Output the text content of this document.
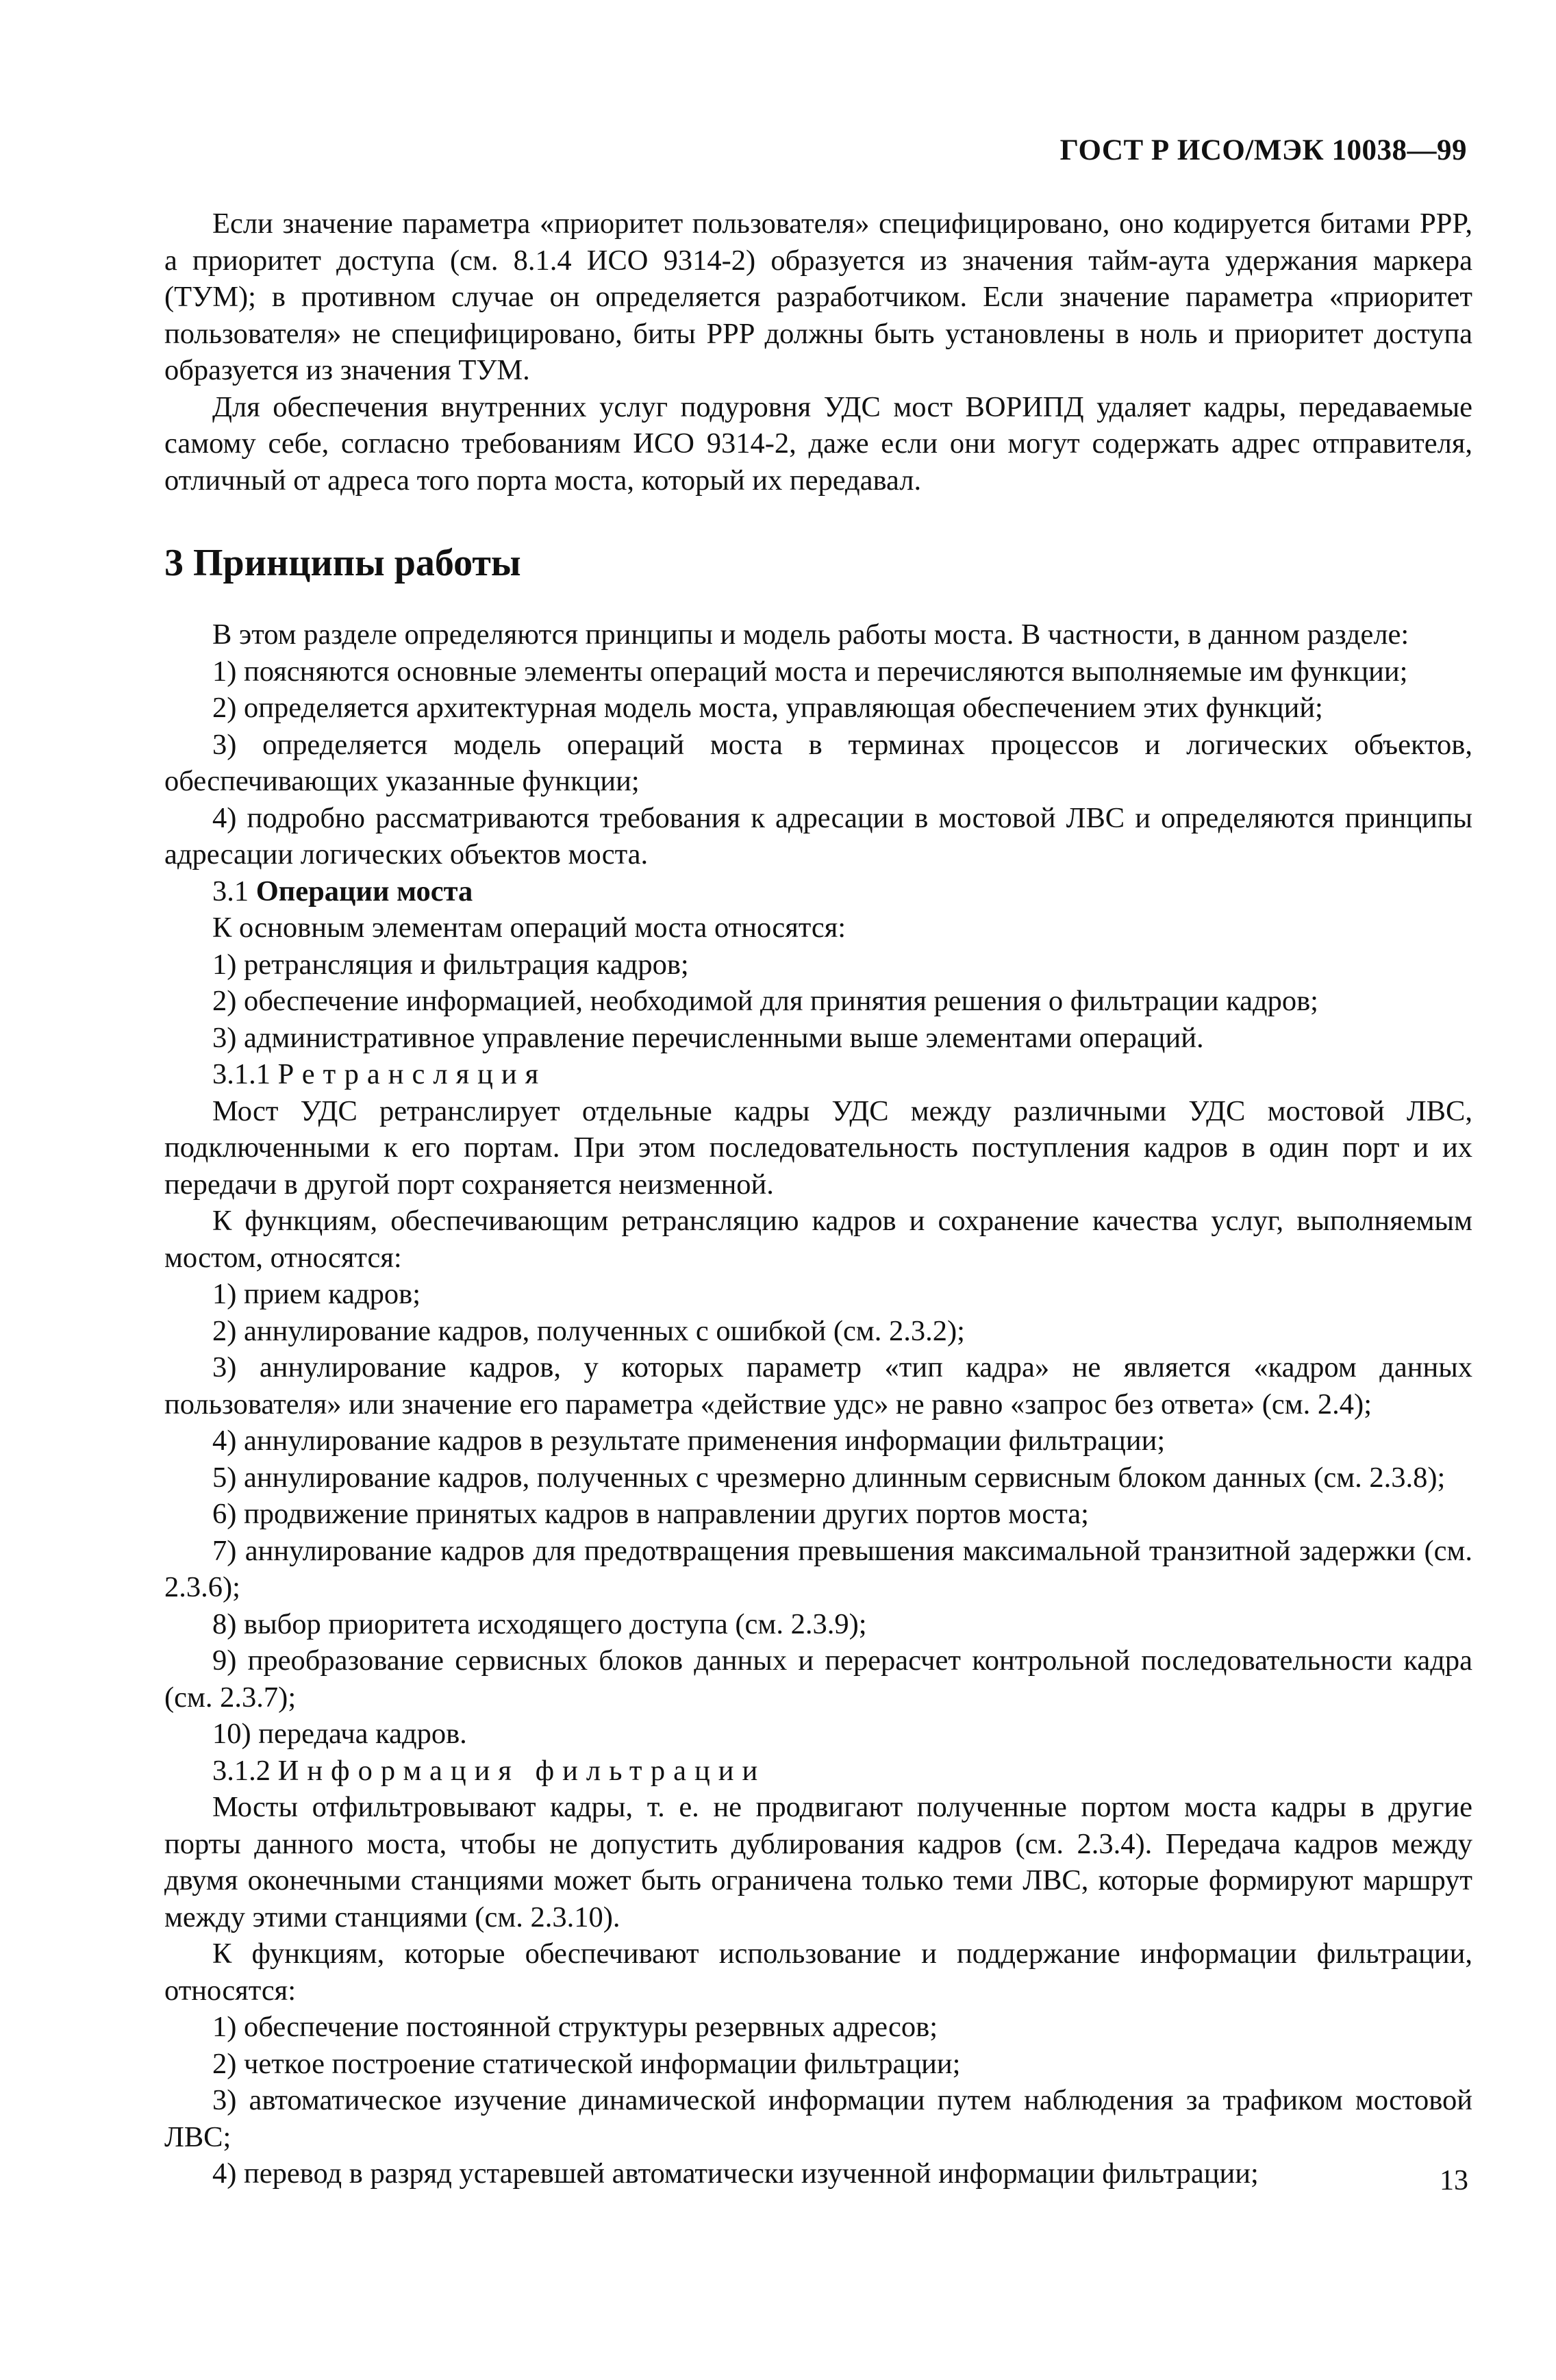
ГОСТ Р ИСО/МЭК 10038—99

Если значение параметра «приоритет пользователя» специфицировано, оно кодируется битами PPP, а приоритет доступа (см. 8.1.4 ИСО 9314-2) образуется из значения тайм-аута удержания маркера (ТУМ); в противном случае он определяется разработчиком. Если значение параметра «приоритет пользователя» не специфицировано, биты PPP должны быть установлены в ноль и приоритет доступа образуется из значения ТУМ.

Для обеспечения внутренних услуг подуровня УДС мост ВОРИПД удаляет кадры, передаваемые самому себе, согласно требованиям ИСО 9314-2, даже если они могут содержать адрес отправителя, отличный от адреса того порта моста, который их передавал.

3 Принципы работы

В этом разделе определяются принципы и модель работы моста. В частности, в данном разделе:

1) поясняются основные элементы операций моста и перечисляются выполняемые им функции;

2) определяется архитектурная модель моста, управляющая обеспечением этих функций;

3) определяется модель операций моста в терминах процессов и логических объектов, обеспечивающих указанные функции;

4) подробно рассматриваются требования к адресации в мостовой ЛВС и определяются принципы адресации логических объектов моста.

3.1 Операции моста

К основным элементам операций моста относятся:

1) ретрансляция и фильтрация кадров;

2) обеспечение информацией, необходимой для принятия решения о фильтрации кадров;

3) административное управление перечисленными выше элементами операций.

3.1.1 Ретрансляция

Мост УДС ретранслирует отдельные кадры УДС между различными УДС мостовой ЛВС, подключенными к его портам. При этом последовательность поступления кадров в один порт и их передачи в другой порт сохраняется неизменной.

К функциям, обеспечивающим ретрансляцию кадров и сохранение качества услуг, выполняемым мостом, относятся:

1) прием кадров;

2) аннулирование кадров, полученных с ошибкой (см. 2.3.2);

3) аннулирование кадров, у которых параметр «тип кадра» не является «кадром данных пользователя» или значение его параметра «действие удс» не равно «запрос без ответа» (см. 2.4);

4) аннулирование кадров в результате применения информации фильтрации;

5) аннулирование кадров, полученных с чрезмерно длинным сервисным блоком данных (см. 2.3.8);

6) продвижение принятых кадров в направлении других портов моста;

7) аннулирование кадров для предотвращения превышения максимальной транзитной задержки (см. 2.3.6);

8) выбор приоритета исходящего доступа (см. 2.3.9);

9) преобразование сервисных блоков данных и перерасчет контрольной последовательности кадра (см. 2.3.7);

10) передача кадров.

3.1.2 Информация фильтрации

Мосты отфильтровывают кадры, т. е. не продвигают полученные портом моста кадры в другие порты данного моста, чтобы не допустить дублирования кадров (см. 2.3.4). Передача кадров между двумя оконечными станциями может быть ограничена только теми ЛВС, которые формируют маршрут между этими станциями (см. 2.3.10).

К функциям, которые обеспечивают использование и поддержание информации фильтрации, относятся:

1) обеспечение постоянной структуры резервных адресов;

2) четкое построение статической информации фильтрации;

3) автоматическое изучение динамической информации путем наблюдения за трафиком мостовой ЛВС;

4) перевод в разряд устаревшей автоматически изученной информации фильтрации;	13
